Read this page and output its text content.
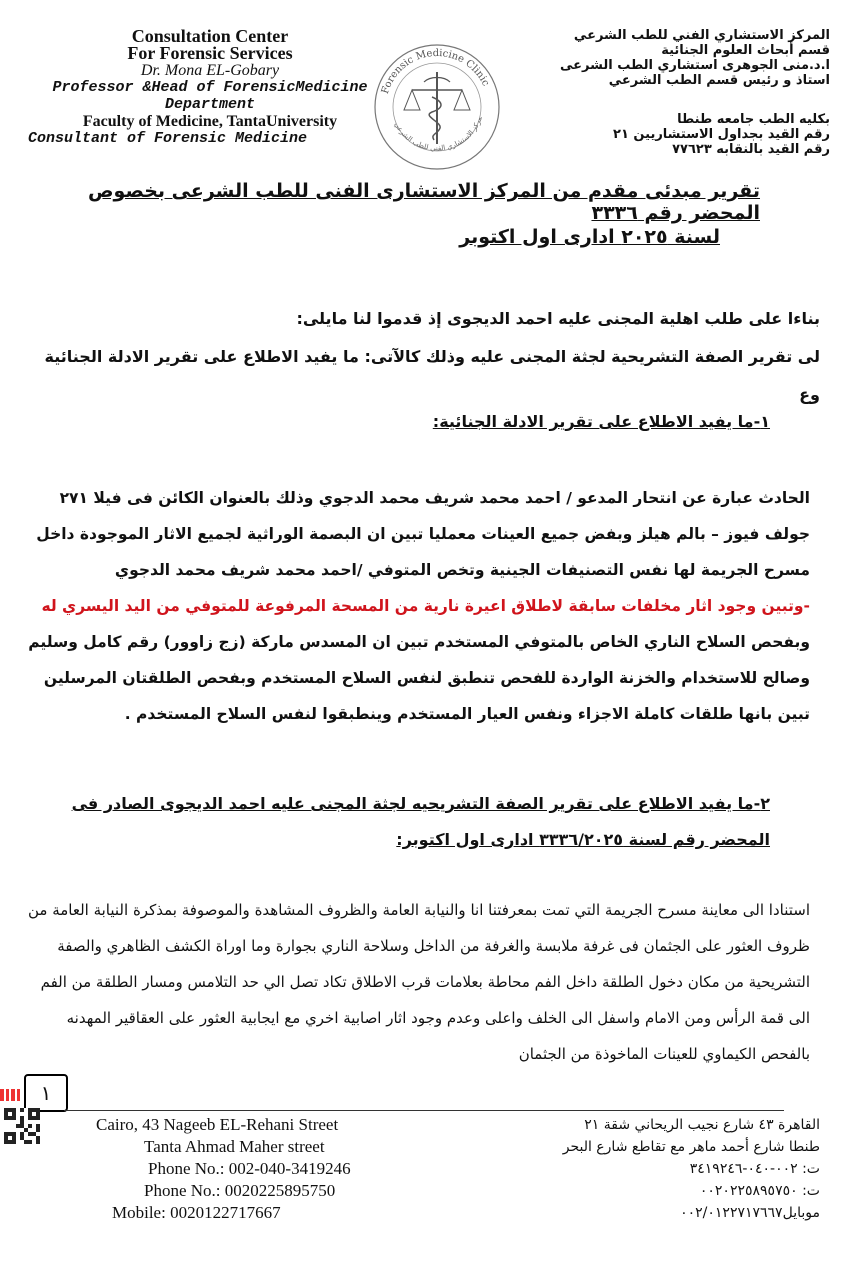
Consultation Center
For Forensic Services
Dr. Mona EL-Gobary
Professor &Head of ForensicMedicine
Department
Faculty of Medicine, TantaUniversity
Consultant of Forensic Medicine
Forensic Medicine Clinic
مركز الاستشاري الفني للطب الشرعي
المركز الاستشاري الفني للطب الشرعي
قسم أبحاث العلوم الجنائية
ا.د.منى الجوهرى استشاري الطب الشرعى
استاذ و رئيس قسم الطب الشرعي
بكليه الطب جامعه طنطا
رقم القيد بجداول الاستشاريين ٢١
رقم القيد بالنقابه ٧٧٦٢٣
تقرير مبدئى مقدم من المركز الاستشارى الفنى للطب الشرعى بخصوص المحضر رقم ٣٣٣٦
لسنة ٢٠٢٥ ادارى اول اكتوبر
بناءا على طلب اهلية المجنى عليه احمد الديجوى إذ قدموا لنا مايلى:
لى تقرير الصفة التشريحية لجثة المجنى عليه وذلك كالآتى: ما يفيد الاطلاع على تقرير الادلة الجنائية وع
١-ما يفيد الاطلاع على تقرير الادلة الجنائية:
الحادث عبارة عن انتحار المدعو / احمد محمد شريف محمد الدجوي وذلك بالعنوان الكائن فى فيلا ٢٧١ جولف فيوز – بالم هيلز وبفض جميع العينات معمليا تبين ان البصمة الوراثية لجميع الاثار الموجودة داخل مسرح الجريمة لها نفس التصنيفات الجينية وتخص المتوفي /احمد محمد شريف محمد الدجوي
-وتبين وجود اثار مخلفات سابقة لاطلاق اعيرة نارية من المسحة المرفوعة للمتوفي من اليد اليسري له
وبفحص السلاح الناري الخاص بالمتوفي المستخدم تبين ان المسدس ماركة (زج زاوور) رقم كامل وسليم وصالح للاستخدام والخزنة الواردة للفحص تنطبق لنفس السلاح المستخدم وبفحص الطلقتان المرسلين تبين بانها طلقات كاملة الاجزاء ونفس العيار المستخدم وينطبقوا لنفس السلاح المستخدم .
٢-ما يفيد الاطلاع على تقرير الصفة التشريحيه لجثة المجنى عليه احمد الديجوى الصادر فى المحضر رقم لسنة ٣٣٣٦/٢٠٢٥ ادارى اول اكتوبر:
استنادا الى معاينة مسرح الجريمة التي تمت بمعرفتنا انا والنيابة العامة والظروف المشاهدة والموصوفة بمذكرة النيابة العامة من ظروف العثور على الجثمان فى غرفة ملابسة والغرفة من الداخل وسلاحة الناري بجوارة وما اوراة الكشف الظاهري والصفة التشريحية من مكان دخول الطلقة داخل الفم محاطة بعلامات قرب الاطلاق تكاد تصل الي حد التلامس ومسار الطلقة من الفم الى قمة الرأس ومن الامام واسفل الى الخلف واعلى وعدم وجود اثار اصابية اخري مع ايجابية العثور على العقاقير المهدنه بالفحص الكيماوي للعينات الماخوذة من الجثمان
١
Cairo, 43 Nageeb EL-Rehani Street
Tanta Ahmad Maher street
Phone No.: 002-040-3419246
Phone No.: 0020225895750
Mobile: 0020122717667
القاهرة ٤٣ شارع نجيب الريحاني شقة ٢١
طنطا شارع أحمد ماهر مع تقاطع شارع البحر
ت: ٠٠٢-٠٤٠-٣٤١٩٢٤٦
ت: ٠٠٢٠٢٢٥٨٩٥٧٥٠
موبايل٠٠٢/٠١٢٢٧١٧٦٦٧
